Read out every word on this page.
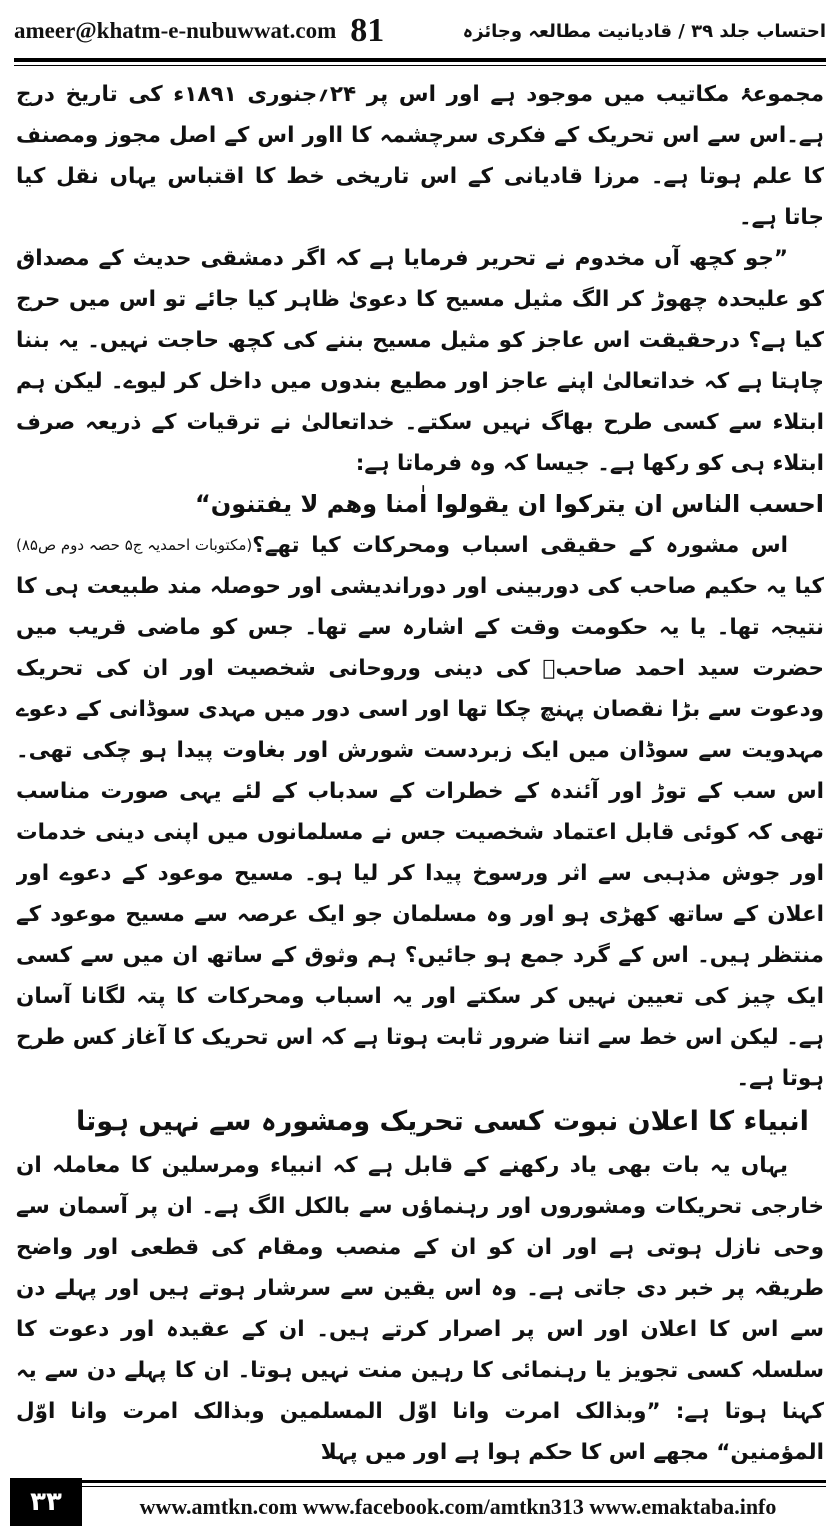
ameer@khatm-e-nubuwwat.com 81	احتساب جلد ۳۹ / قادیانیت مطالعہ وجائزہ

مجموعۂ مکاتیب میں موجود ہے اور اس پر ۲۴؍جنوری ۱۸۹۱ء کی تاریخ درج ہے۔اس سے اس تحریک کے فکری سرچشمہ کا ااور اس کے اصل مجوز ومصنف کا علم ہوتا ہے۔ مرزا قادیانی کے اس تاریخی خط کا اقتباس یہاں نقل کیا جاتا ہے۔

”جو کچھ آں مخدوم نے تحریر فرمایا ہے کہ اگر دمشقی حدیث کے مصداق کو علیحدہ چھوڑ کر الگ مثیل مسیح کا دعویٰ ظاہر کیا جائے تو اس میں حرج کیا ہے؟ درحقیقت اس عاجز کو مثیل مسیح بننے کی کچھ حاجت نہیں۔ یہ بننا چاہتا ہے کہ خداتعالیٰ اپنے عاجز اور مطیع بندوں میں داخل کر لیوے۔ لیکن ہم ابتلاء سے کسی طرح بھاگ نہیں سکتے۔ خداتعالیٰ نے ترقیات کے ذریعہ صرف ابتلاء ہی کو رکھا ہے۔ جیسا کہ وہ فرماتا ہے:

احسب الناس ان یترکوا ان یقولوا اٰمنا وھم لا یفتنون“
(مکتوبات احمدیہ ج۵ حصہ دوم ص۸۵) اس مشورہ کے حقیقی اسباب ومحرکات کیا تھے؟ کیا یہ حکیم صاحب کی دوربینی اور دوراندیشی اور حوصلہ مند طبیعت ہی کا نتیجہ تھا۔ یا یہ حکومت وقت کے اشارہ سے تھا۔ جس کو ماضی قریب میں حضرت سید احمد صاحبؒ کی دینی وروحانی شخصیت اور ان کی تحریک ودعوت سے بڑا نقصان پہنچ چکا تھا اور اسی دور میں مہدی سوڈانی کے دعوے مہدویت سے سوڈان میں ایک زبردست شورش اور بغاوت پیدا ہو چکی تھی۔ اس سب کے توڑ اور آئندہ کے خطرات کے سدباب کے لئے یہی صورت مناسب تھی کہ کوئی قابل اعتماد شخصیت جس نے مسلمانوں میں اپنی دینی خدمات اور جوش مذہبی سے اثر ورسوخ پیدا کر لیا ہو۔ مسیح موعود کے دعوے اور اعلان کے ساتھ کھڑی ہو اور وہ مسلمان جو ایک عرصہ سے مسیح موعود کے منتظر ہیں۔ اس کے گرد جمع ہو جائیں؟ ہم وثوق کے ساتھ ان میں سے کسی ایک چیز کی تعیین نہیں کر سکتے اور یہ اسباب ومحرکات کا پتہ لگانا آسان ہے۔ لیکن اس خط سے اتنا ضرور ثابت ہوتا ہے کہ اس تحریک کا آغاز کس طرح ہوتا ہے۔

انبیاء کا اعلان نبوت کسی تحریک ومشورہ سے نہیں ہوتا

یہاں یہ بات بھی یاد رکھنے کے قابل ہے کہ انبیاء ومرسلین کا معاملہ ان خارجی تحریکات ومشوروں اور رہنماؤں سے بالکل الگ ہے۔ ان پر آسمان سے وحی نازل ہوتی ہے اور ان کو ان کے منصب ومقام کی قطعی اور واضح طریقہ پر خبر دی جاتی ہے۔ وہ اس یقین سے سرشار ہوتے ہیں اور پہلے دن سے اس کا اعلان اور اس پر اصرار کرتے ہیں۔ ان کے عقیدہ اور دعوت کا سلسلہ کسی تجویز یا رہنمائی کا رہین منت نہیں ہوتا۔ ان کا پہلے دن سے یہ کہنا ہوتا ہے: ”وبذالک امرت وانا اوّل المسلمین وبذالک امرت وانا اوّل المؤمنین“ مجھے اس کا حکم ہوا ہے اور میں پہلا

۳۳	www.amtkn.com www.facebook.com/amtkn313 www.emaktaba.info
